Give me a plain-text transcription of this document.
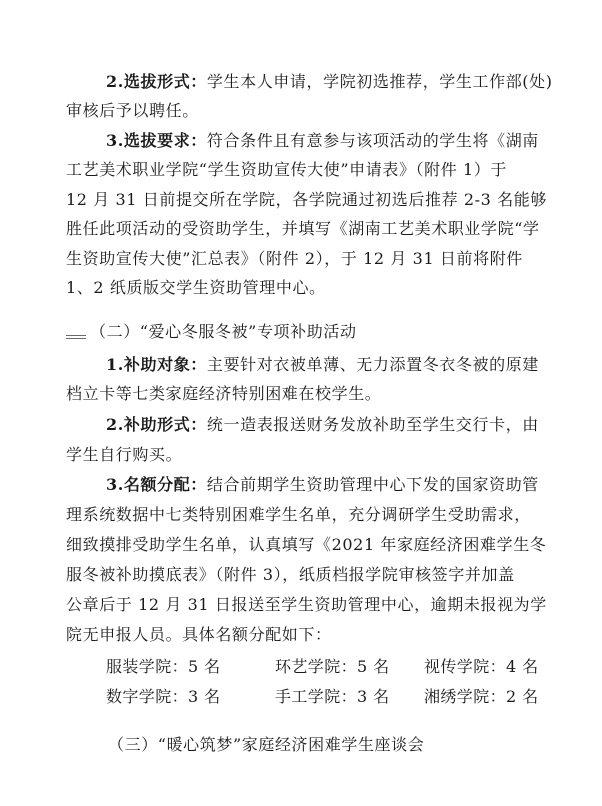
2.选拔形式：学生本人申请，学院初选推荐，学生工作部(处)
审核后予以聘任。
3.选拔要求：符合条件且有意参与该项活动的学生将《湖南
工艺美术职业学院“学生资助宣传大使”申请表》（附件 1）于
12 月 31 日前提交所在学院，各学院通过初选后推荐 2-3 名能够
胜任此项活动的受资助学生，并填写《湖南工艺美术职业学院“学
生资助宣传大使”汇总表》（附件 2），于 12 月 31 日前将附件
1、2 纸质版交学生资助管理中心。
（二）“爱心冬服冬被”专项补助活动
1.补助对象：主要针对衣被单薄、无力添置冬衣冬被的原建
档立卡等七类家庭经济特别困难在校学生。
2.补助形式：统一造表报送财务发放补助至学生交行卡，由
学生自行购买。
3.名额分配：结合前期学生资助管理中心下发的国家资助管
理系统数据中七类特别困难学生名单，充分调研学生受助需求，
细致摸排受助学生名单，认真填写《2021 年家庭经济困难学生冬
服冬被补助摸底表》（附件 3），纸质档报学院审核签字并加盖
公章后于 12 月 31 日报送至学生资助管理中心，逾期未报视为学
院无申报人员。具体名额分配如下：
服装学院：5 名	环艺学院：5 名 视传学院：4 名
数字学院：3 名	手工学院：3 名 湘绣学院：2 名
（三）“暖心筑梦”家庭经济困难学生座谈会
